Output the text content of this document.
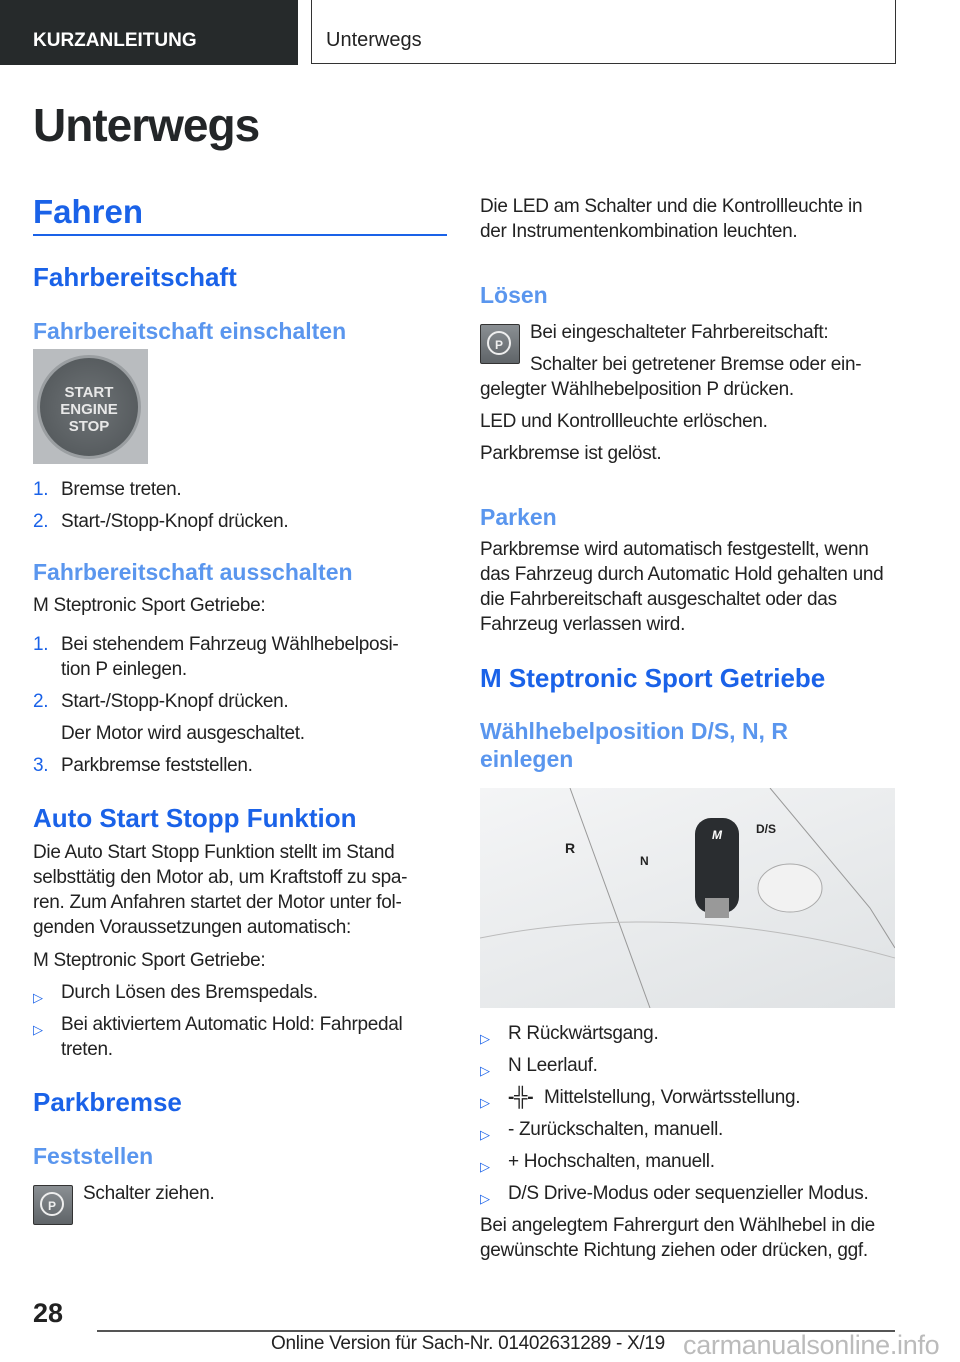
KURZANLEITUNG	Unterwegs
Unterwegs
Fahren
Fahrbereitschaft
Fahrbereitschaft einschalten
START
ENGINE
STOP
1. Bremse treten.
2. Start-/Stopp-Knopf drücken.
Fahrbereitschaft ausschalten
M Steptronic Sport Getriebe:
1. Bei stehendem Fahrzeug Wählhebelposi-tion P einlegen.
2. Start-/Stopp-Knopf drücken.
Der Motor wird ausgeschaltet.
3. Parkbremse feststellen.
Auto Start Stopp Funktion
Die Auto Start Stopp Funktion stellt im Stand selbsttätig den Motor ab, um Kraftstoff zu spa-ren. Zum Anfahren startet der Motor unter fol-genden Voraussetzungen automatisch:
M Steptronic Sport Getriebe:
▷ Durch Lösen des Bremspedals.
▷ Bei aktiviertem Automatic Hold: Fahrpedal treten.
Parkbremse
Feststellen
P
Schalter ziehen.
Die LED am Schalter und die Kontrollleuchte in der Instrumentenkombination leuchten.
Lösen
P
Bei eingeschalteter Fahrbereitschaft:
Schalter bei getretener Bremse oder ein-gelegter Wählhebelposition P drücken.
LED und Kontrollleuchte erlöschen.
Parkbremse ist gelöst.
Parken
Parkbremse wird automatisch festgestellt, wenn das Fahrzeug durch Automatic Hold gehalten und die Fahrbereitschaft ausgeschaltet oder das Fahrzeug verlassen wird.
M Steptronic Sport Getriebe
Wählhebelposition D/S, N, R einlegen
R
N
D/S
M
▷ R Rückwärtsgang.
▷ N Leerlauf.
▷ -╬- Mittelstellung, Vorwärtsstellung.
▷ - Zurückschalten, manuell.
▷ + Hochschalten, manuell.
▷ D/S Drive-Modus oder sequenzieller Modus.
Bei angelegtem Fahrergurt den Wählhebel in die gewünschte Richtung ziehen oder drücken, ggf.
28
Online Version für Sach-Nr. 01402631289 - X/19 carmanualsonline.info
